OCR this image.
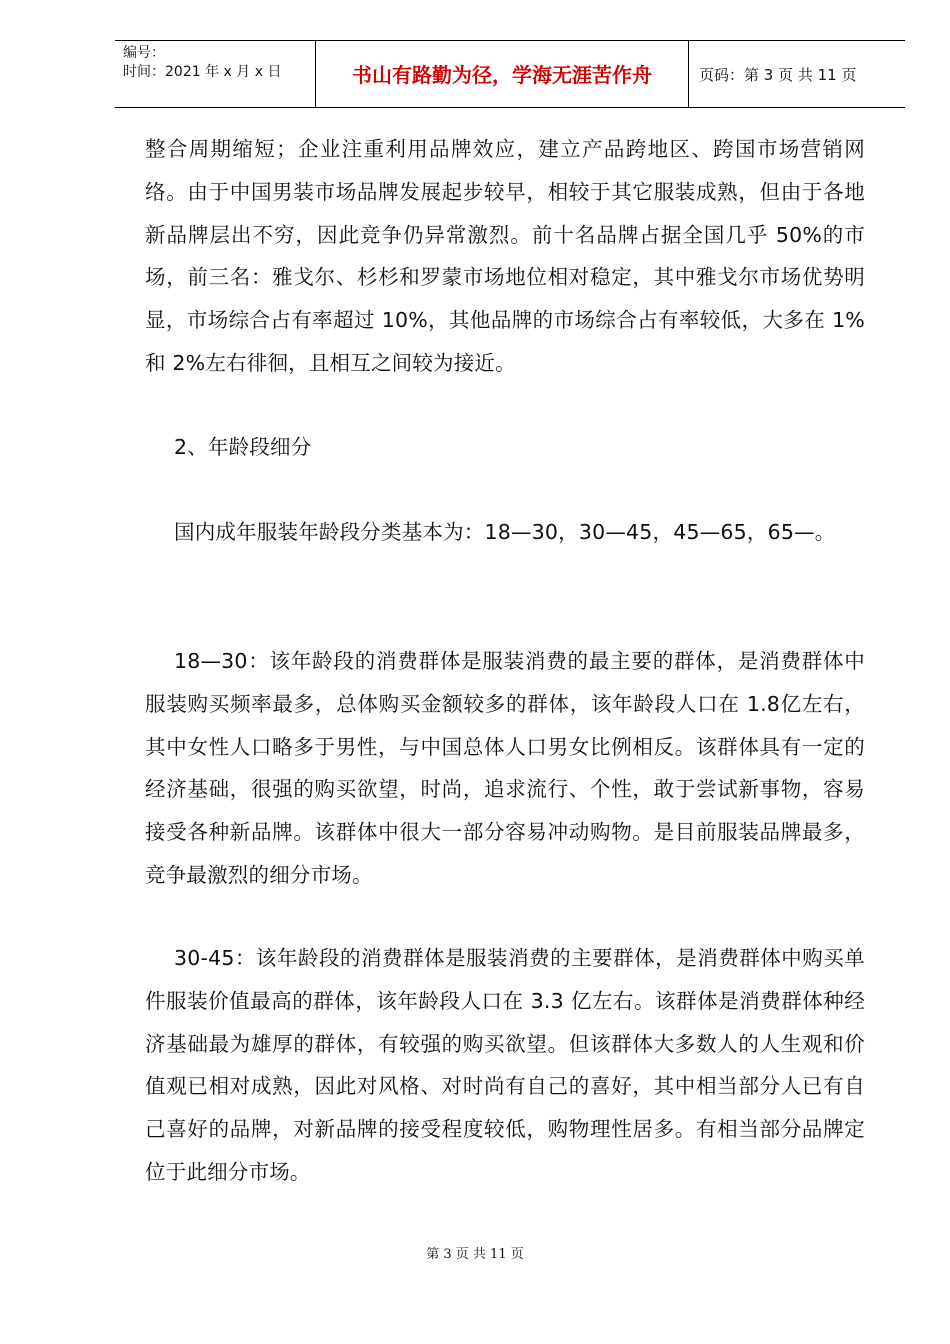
编号：
时间：2021 年 x 月 x 日	书山有路勤为径，学海无涯苦作舟	页码：第 3 页 共 11 页

整合周期缩短；企业注重利用品牌效应，建立产品跨地区、跨国市场营销网络。由于中国男装市场品牌发展起步较早，相较于其它服装成熟，但由于各地新品牌层出不穷，因此竞争仍异常激烈。前十名品牌占据全国几乎 50%的市场，前三名：雅戈尔、杉杉和罗蒙市场地位相对稳定，其中雅戈尔市场优势明显，市场综合占有率超过 10%，其他品牌的市场综合占有率较低，大多在 1%和 2%左右徘徊，且相互之间较为接近。

2、年龄段细分

国内成年服装年龄段分类基本为：18—30，30—45，45—65，65—。

18—30：该年龄段的消费群体是服装消费的最主要的群体，是消费群体中服装购买频率最多，总体购买金额较多的群体，该年龄段人口在 1.8亿左右，其中女性人口略多于男性，与中国总体人口男女比例相反。该群体具有一定的经济基础，很强的购买欲望，时尚，追求流行、个性，敢于尝试新事物，容易接受各种新品牌。该群体中很大一部分容易冲动购物。是目前服装品牌最多，竞争最激烈的细分市场。

30-45：该年龄段的消费群体是服装消费的主要群体，是消费群体中购买单件服装价值最高的群体，该年龄段人口在 3.3 亿左右。该群体是消费群体种经济基础最为雄厚的群体，有较强的购买欲望。但该群体大多数人的人生观和价值观已相对成熟，因此对风格、对时尚有自己的喜好，其中相当部分人已有自己喜好的品牌，对新品牌的接受程度较低，购物理性居多。有相当部分品牌定位于此细分市场。

第 3 页 共 11 页
